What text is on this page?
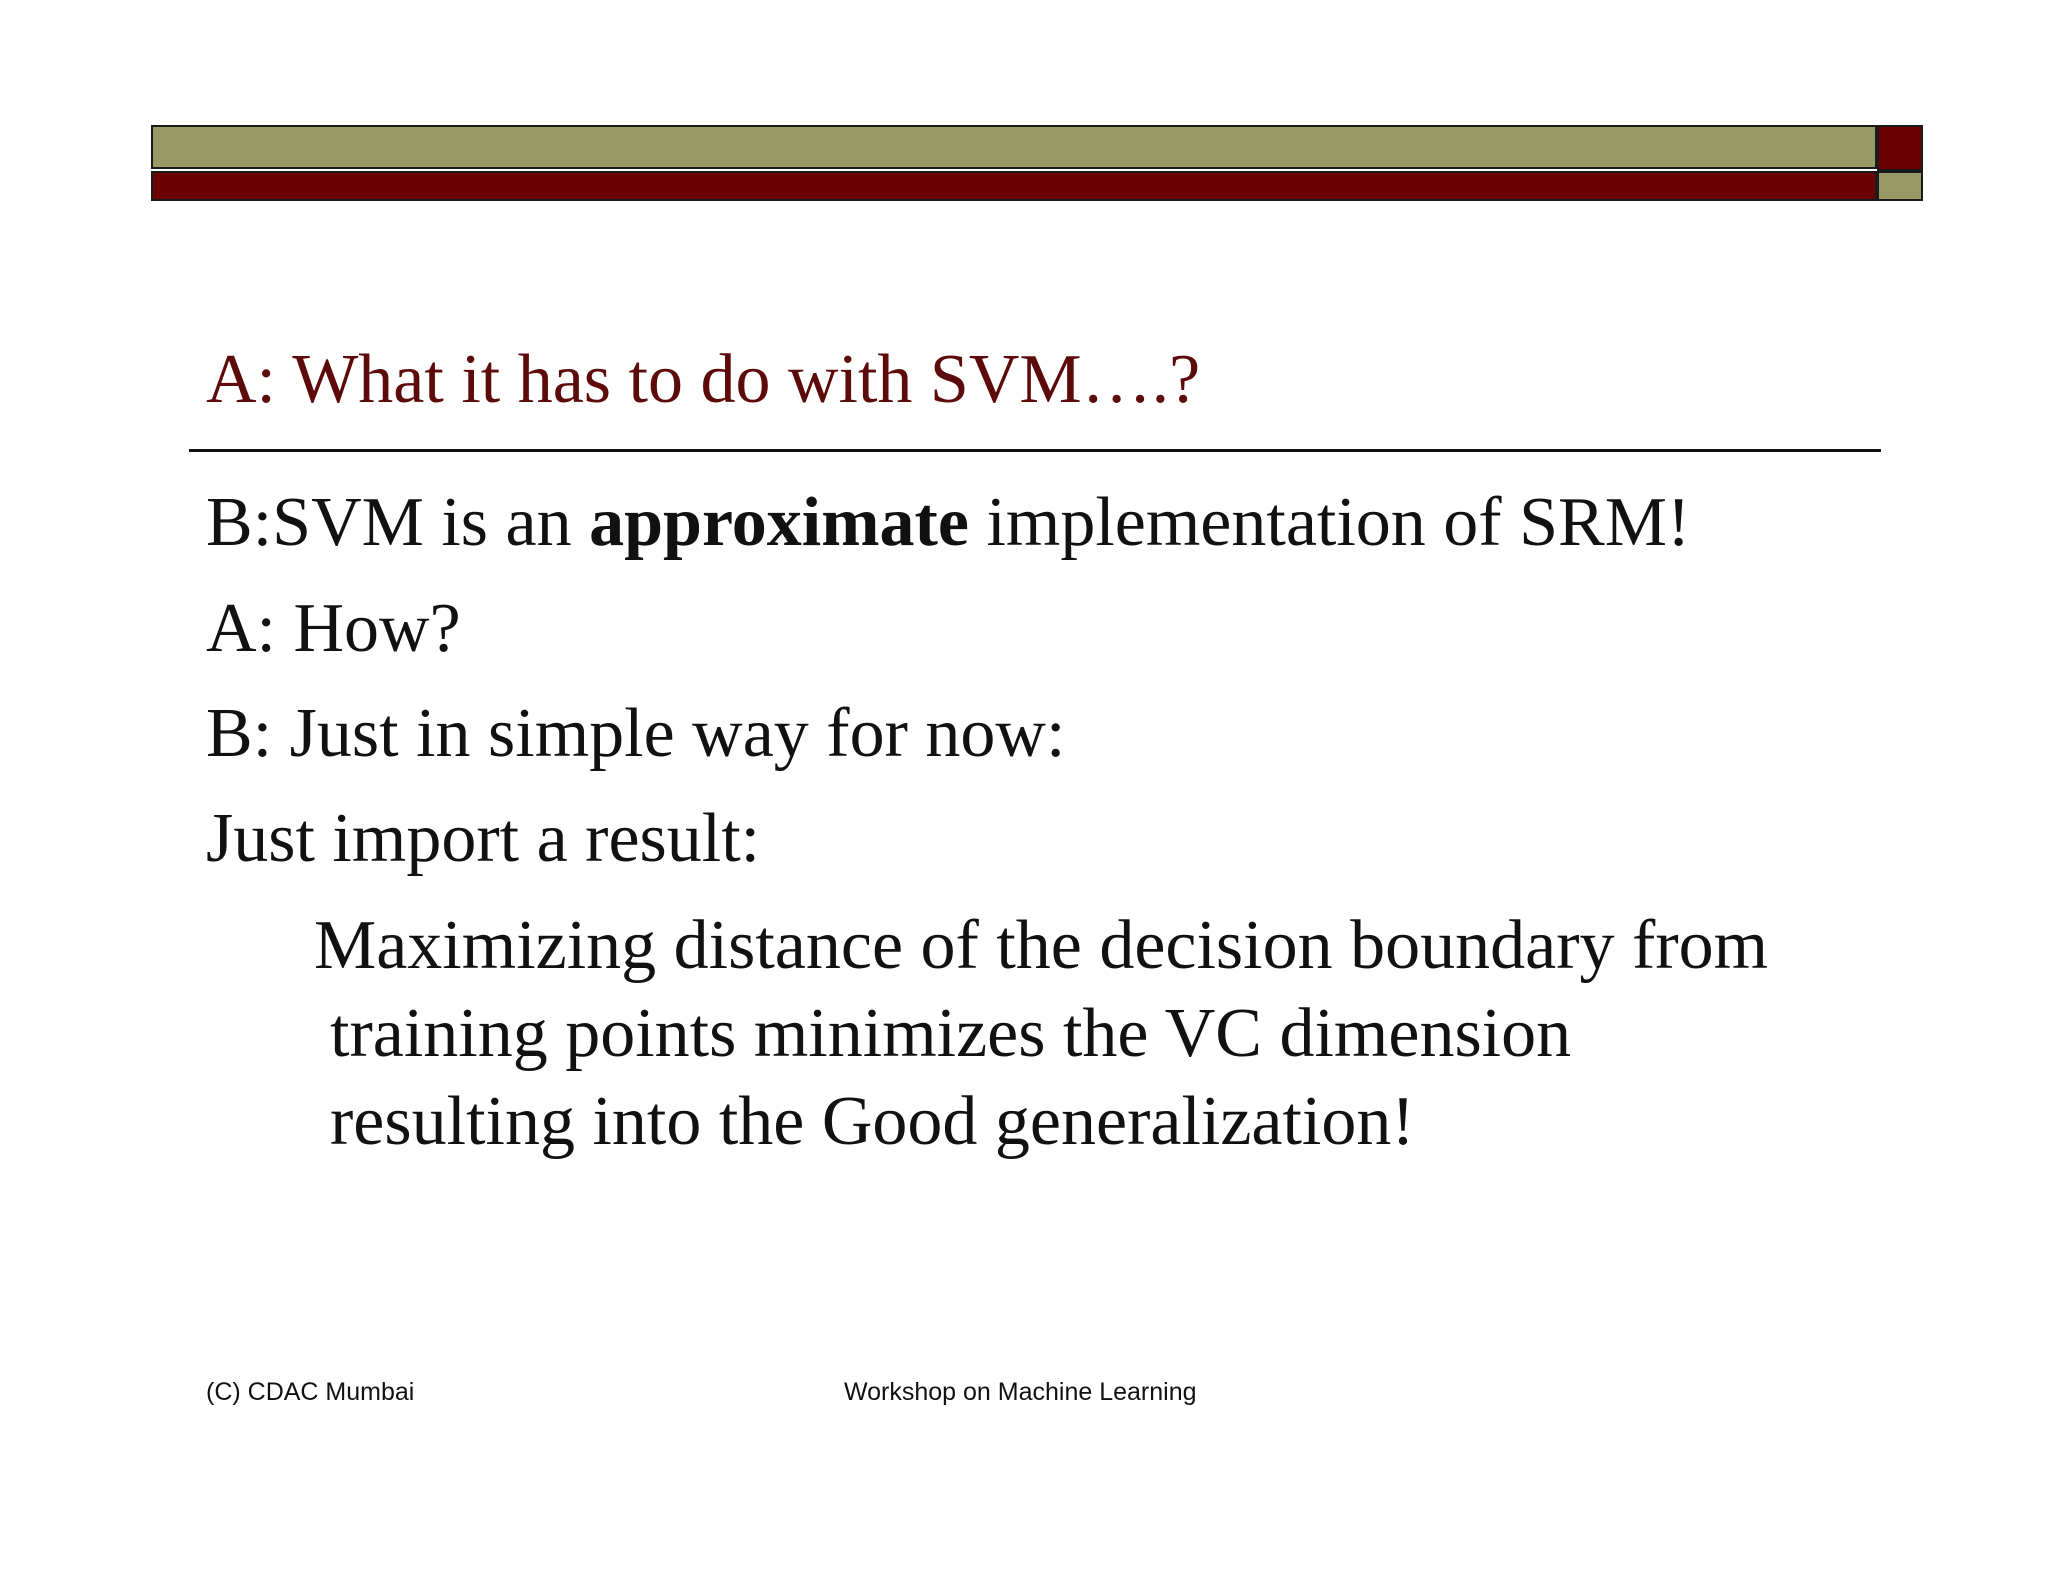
A: What it has to do with SVM….?
B:SVM is an approximate implementation of SRM!
A: How?
B: Just in simple way for now:
Just import a result:
Maximizing distance of the decision boundary from
training points minimizes the VC dimension
resulting into the Good generalization!
(C) CDAC Mumbai	Workshop on Machine Learning
